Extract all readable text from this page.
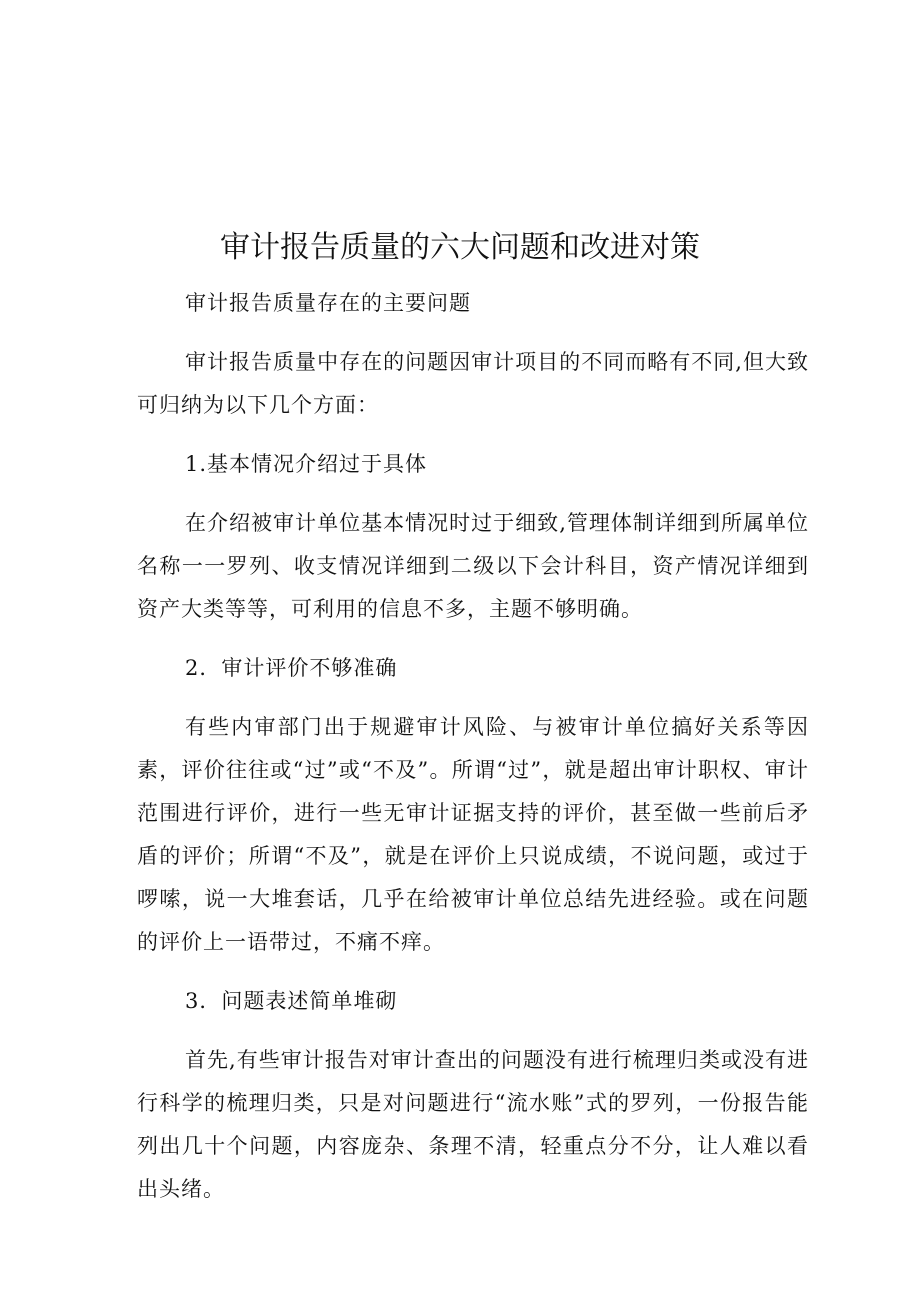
审计报告质量的六大问题和改进对策

审计报告质量存在的主要问题

审计报告质量中存在的问题因审计项目的不同而略有不同,但大致可归纳为以下几个方面：

1.基本情况介绍过于具体

在介绍被审计单位基本情况时过于细致,管理体制详细到所属单位名称一一罗列、收支情况详细到二级以下会计科目，资产情况详细到资产大类等等，可利用的信息不多，主题不够明确。

2．审计评价不够准确

有些内审部门出于规避审计风险、与被审计单位搞好关系等因素，评价往往或“过”或“不及”。所谓“过”，就是超出审计职权、审计范围进行评价，进行一些无审计证据支持的评价，甚至做一些前后矛盾的评价；所谓“不及”，就是在评价上只说成绩，不说问题，或过于啰嗦，说一大堆套话，几乎在给被审计单位总结先进经验。或在问题的评价上一语带过，不痛不痒。

3．问题表述简单堆砌

首先,有些审计报告对审计查出的问题没有进行梳理归类或没有进行科学的梳理归类，只是对问题进行“流水账”式的罗列，一份报告能列出几十个问题，内容庞杂、条理不清，轻重点分不分，让人难以看出头绪。
